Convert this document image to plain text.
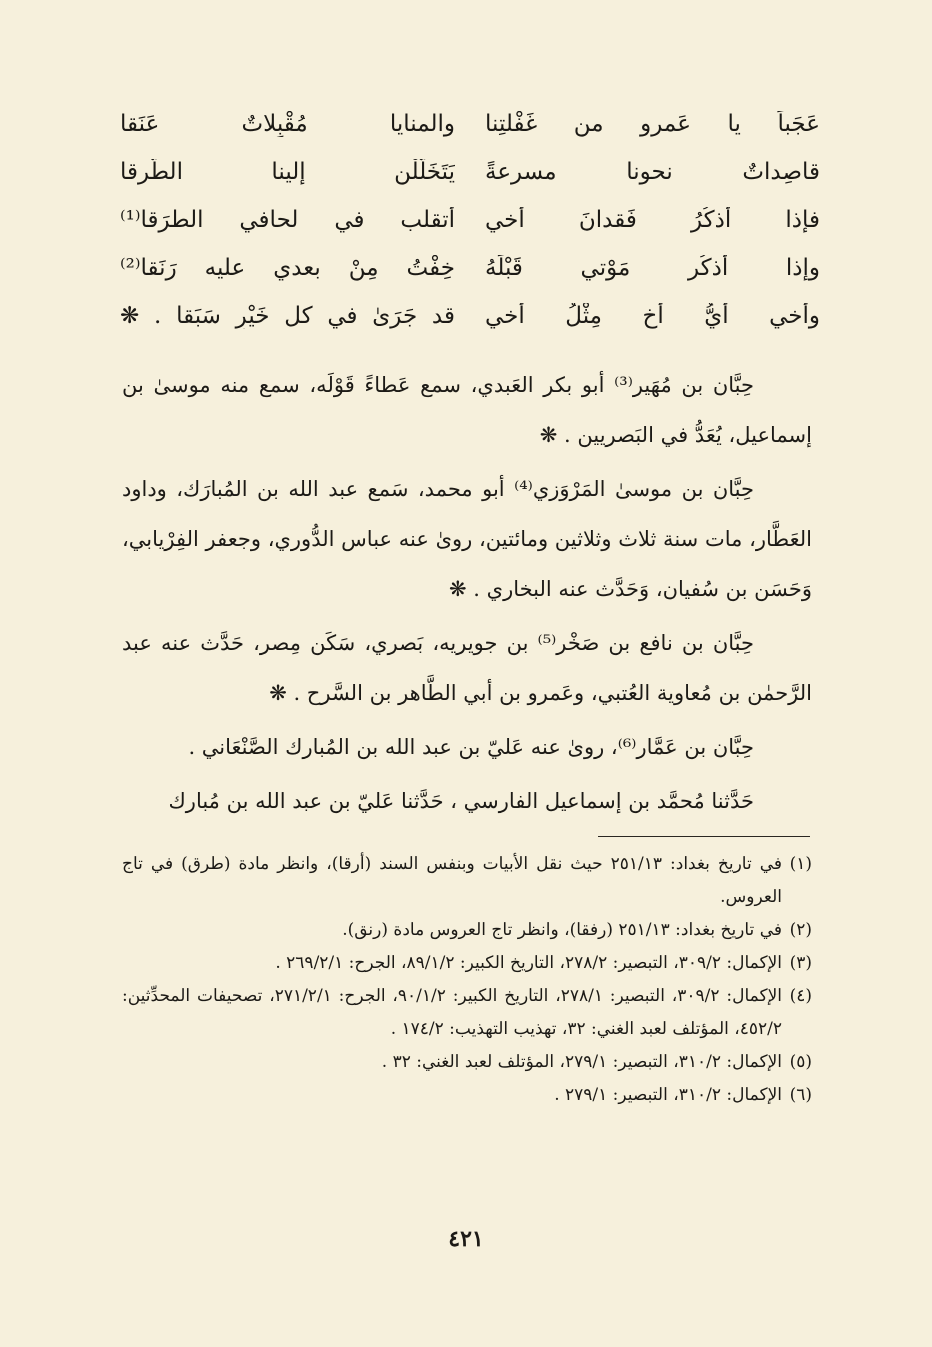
عَجَباً يا عَمرو من غَفْلتِنا
والمنايا مُقْبِلاتٌ عَنَقا
قاصِداتٌ نحونا مسرعةً
يَتَخَلَّلْن إلينا الطُّرقا
فإذا أذكُرُ فَقدانَ أخي
أتقلب في لحافي الطرَقا⁽¹⁾
وإذا أذكُر مَوْتي قَبْلَهُ
خِفْتُ مِنْ بعدي عليه رَنَقا⁽²⁾
وأخي أيُّ أخٍ مِثْلُ أخي
قد جَرَىٰ في كل خَيْرٍ سَبَقا . ❋

حِبَّان بن مُهَير⁽³⁾ أبو بكر العَبدي، سمع عَطاءً قَوْلَه، سمع منه موسىٰ بن إسماعيل، يُعَدُّ في البَصريين . ❋

حِبَّان بن موسىٰ المَرْوَزي⁽⁴⁾ أبو محمد، سَمع عبد الله بن المُبارَك، وداود العَطَّار، مات سنة ثلاث وثلاثين ومائتين، روىٰ عنه عباس الدُّوري، وجعفر الفِرْيابي، وَحَسَن بن سُفيان، وَحَدَّث عنه البخاري . ❋

حِبَّان بن نافع بن صَخْر⁽⁵⁾ بن جويريه، بَصري، سَكَن مِصر، حَدَّث عنه عبد الرَّحمٰن بن مُعاوية العُتبي، وعَمرو بن أبي الطَّاهر بن السَّرح . ❋

حِبَّان بن عَمَّار⁽⁶⁾، روىٰ عنه عَليّ بن عبد الله بن المُبارك الصَّنْعَاني .

حَدَّثنا مُحمَّد بن إسماعيل الفارسي ، حَدَّثنا عَليّ بن عبد الله بن مُبارك

(١)
في تاريخ بغداد: ٢٥١/١٣ حيث نقل الأبيات وبنفس السند (أرقا)، وانظر مادة (طرق) في تاج العروس.
(٢)
في تاريخ بغداد: ٢٥١/١٣ (رفقا)، وانظر تاج العروس مادة (رنق).
(٣)
الإكمال: ٣٠٩/٢، التبصير: ٢٧٨/٢، التاريخ الكبير: ٨٩/١/٢، الجرح: ٢٦٩/٢/١ .
(٤)
الإكمال: ٣٠٩/٢، التبصير: ٢٧٨/١، التاريخ الكبير: ٩٠/١/٢، الجرح: ٢٧١/٢/١، تصحيفات المحدِّثين: ٤٥٢/٢، المؤتلف لعبد الغني: ٣٢، تهذيب التهذيب: ١٧٤/٢ .
(٥)
الإكمال: ٣١٠/٢، التبصير: ٢٧٩/١، المؤتلف لعبد الغني: ٣٢ .
(٦)
الإكمال: ٣١٠/٢، التبصير: ٢٧٩/١ .
٤٢١
